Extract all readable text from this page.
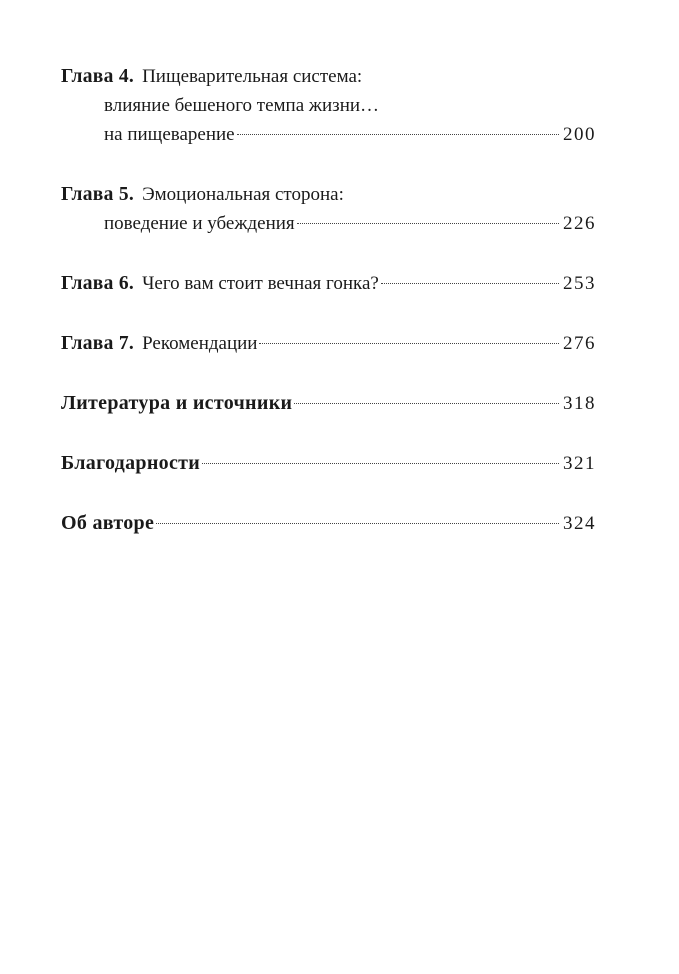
Глава 4. Пищеварительная система:
влияние бешеного темпа жизни…
на пищеварение	200
Глава 5. Эмоциональная сторона:
поведение и убеждения	226
Глава 6. Чего вам стоит вечная гонка?	253
Глава 7. Рекомендации	276
Литература и источники	318
Благодарности	321
Об авторе	324
